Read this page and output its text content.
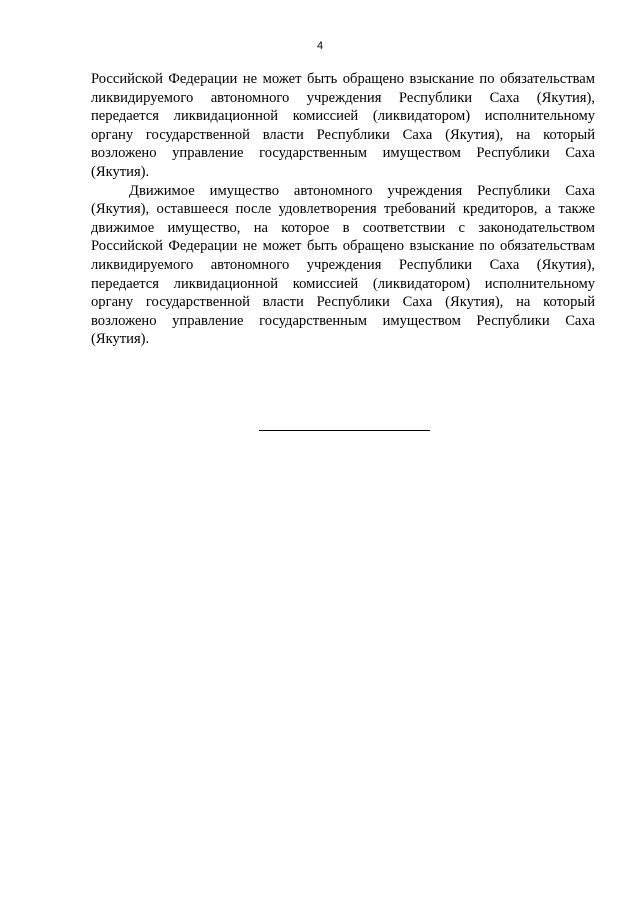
4

Российской Федерации не может быть обращено взыскание по обязательствам ликвидируемого автономного учреждения Республики Саха (Якутия), передается ликвидационной комиссией (ликвидатором) исполнительному органу государственной власти Республики Саха (Якутия), на который возложено управление государственным имуществом Республики Саха (Якутия).

Движимое имущество автономного учреждения Республики Саха (Якутия), оставшееся после удовлетворения требований кредиторов, а также движимое имущество, на которое в соответствии с законодательством Российской Федерации не может быть обращено взыскание по обязательствам ликвидируемого автономного учреждения Республики Саха (Якутия), передается ликвидационной комиссией (ликвидатором) исполнительному органу государственной власти Республики Саха (Якутия), на который возложено управление государственным имуществом Республики Саха (Якутия).
